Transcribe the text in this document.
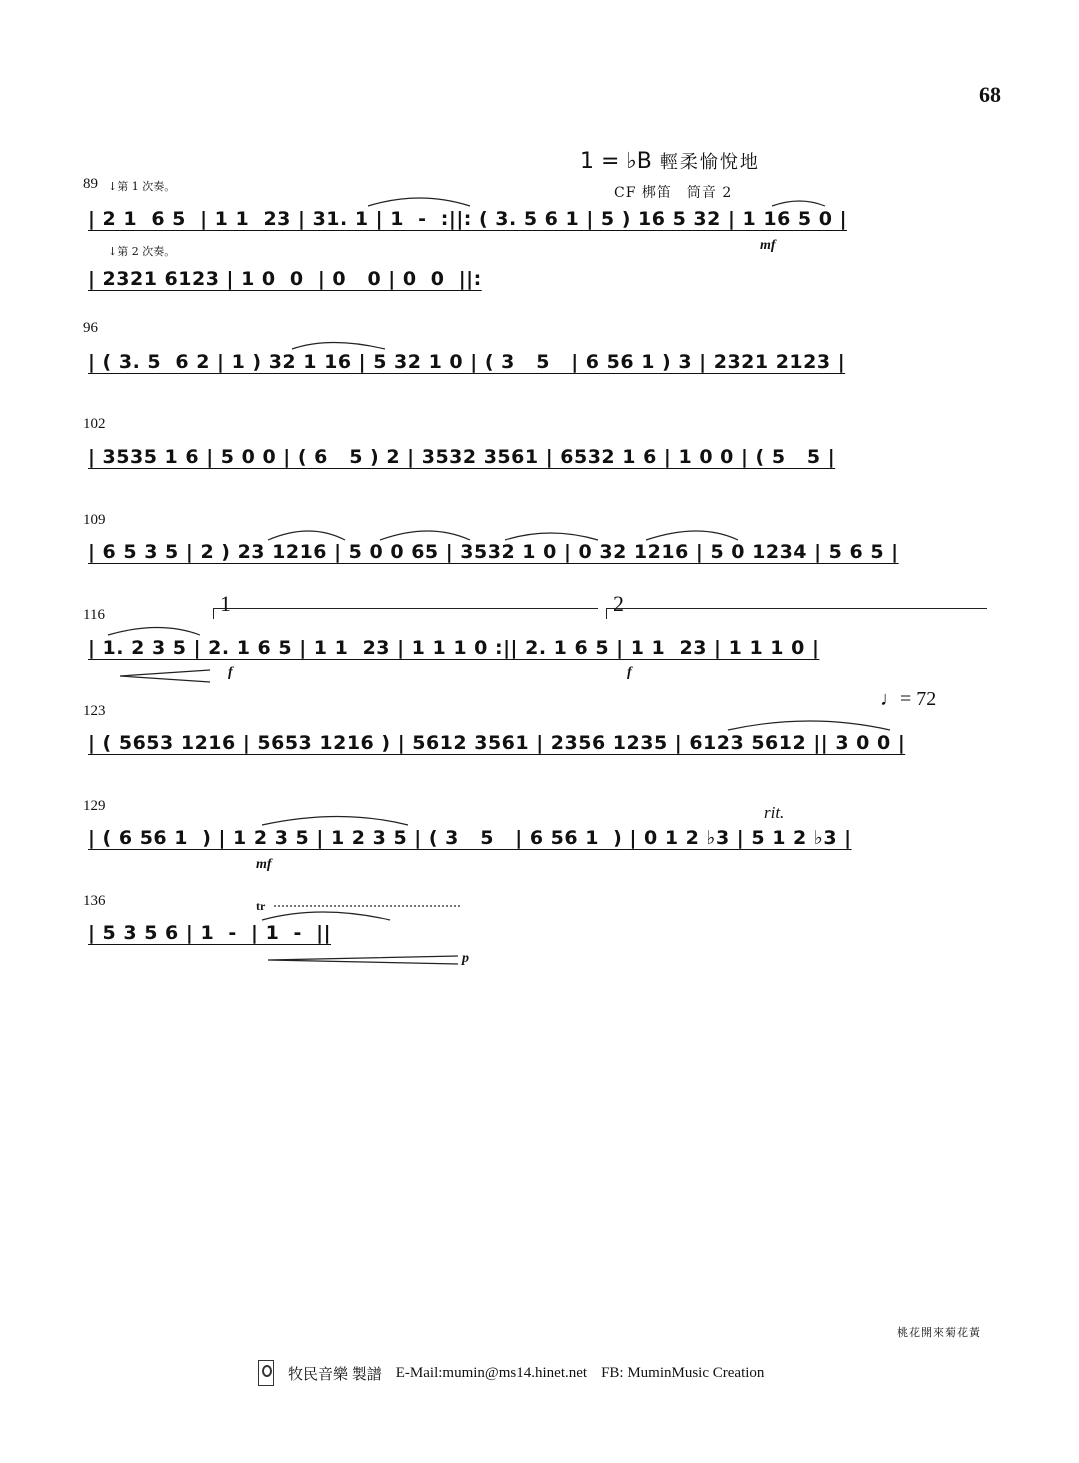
68
1 = ♭B 輕柔愉悅地
CF 梆笛　筒音 2
89
96
102
109
116
123
129
136
↓第 1 次奏。
↓第 2 次奏。
| 2 1  6 5  | 1 1  23 | 31. 1 | 1  -  :||: ( 3. 5 6 1 | 5 ) 16 5 32 | 1 16 5 0 |
| 2321 6123 | 1 0  0  | 0   0 | 0  0  ||:
| ( 3. 5  6 2 | 1 ) 32 1 16 | 5 32 1 0 | ( 3   5   | 6 56 1 ) 3 | 2321 2123 |
| 3535 1 6 | 5 0 0 | ( 6   5 ) 2 | 3532 3561 | 6532 1 6 | 1 0 0 | ( 5   5 |
| 6 5 3 5 | 2 ) 23 1216 | 5 0 0 65 | 3532 1 0 | 0 32 1216 | 5 0 1234 | 5 6 5 |
| 1. 2 3 5 | 2. 1 6 5 | 1 1  23 | 1 1 1 0 :|| 2. 1 6 5 | 1 1  23 | 1 1 1 0 |
| ( 5653 1216 | 5653 1216 ) | 5612 3561 | 2356 1235 | 6123 5612 || 3 0 0 |
| ( 6 56 1  ) | 1 2 3 5 | 1 2 3 5 | ( 3   5   | 6 56 1  ) | 0 1 2 ♭3 | 5 1 2 ♭3 |
| 5 3 5 6 | 1  -  | 1  -  ||
1	2
mf
f	f
mf
p
♩= 72
rit.
tr
桃花開來菊花黃
牧民音樂 製譜 E-Mail:mumin@ms14.hinet.net FB: MuminMusic Creation
